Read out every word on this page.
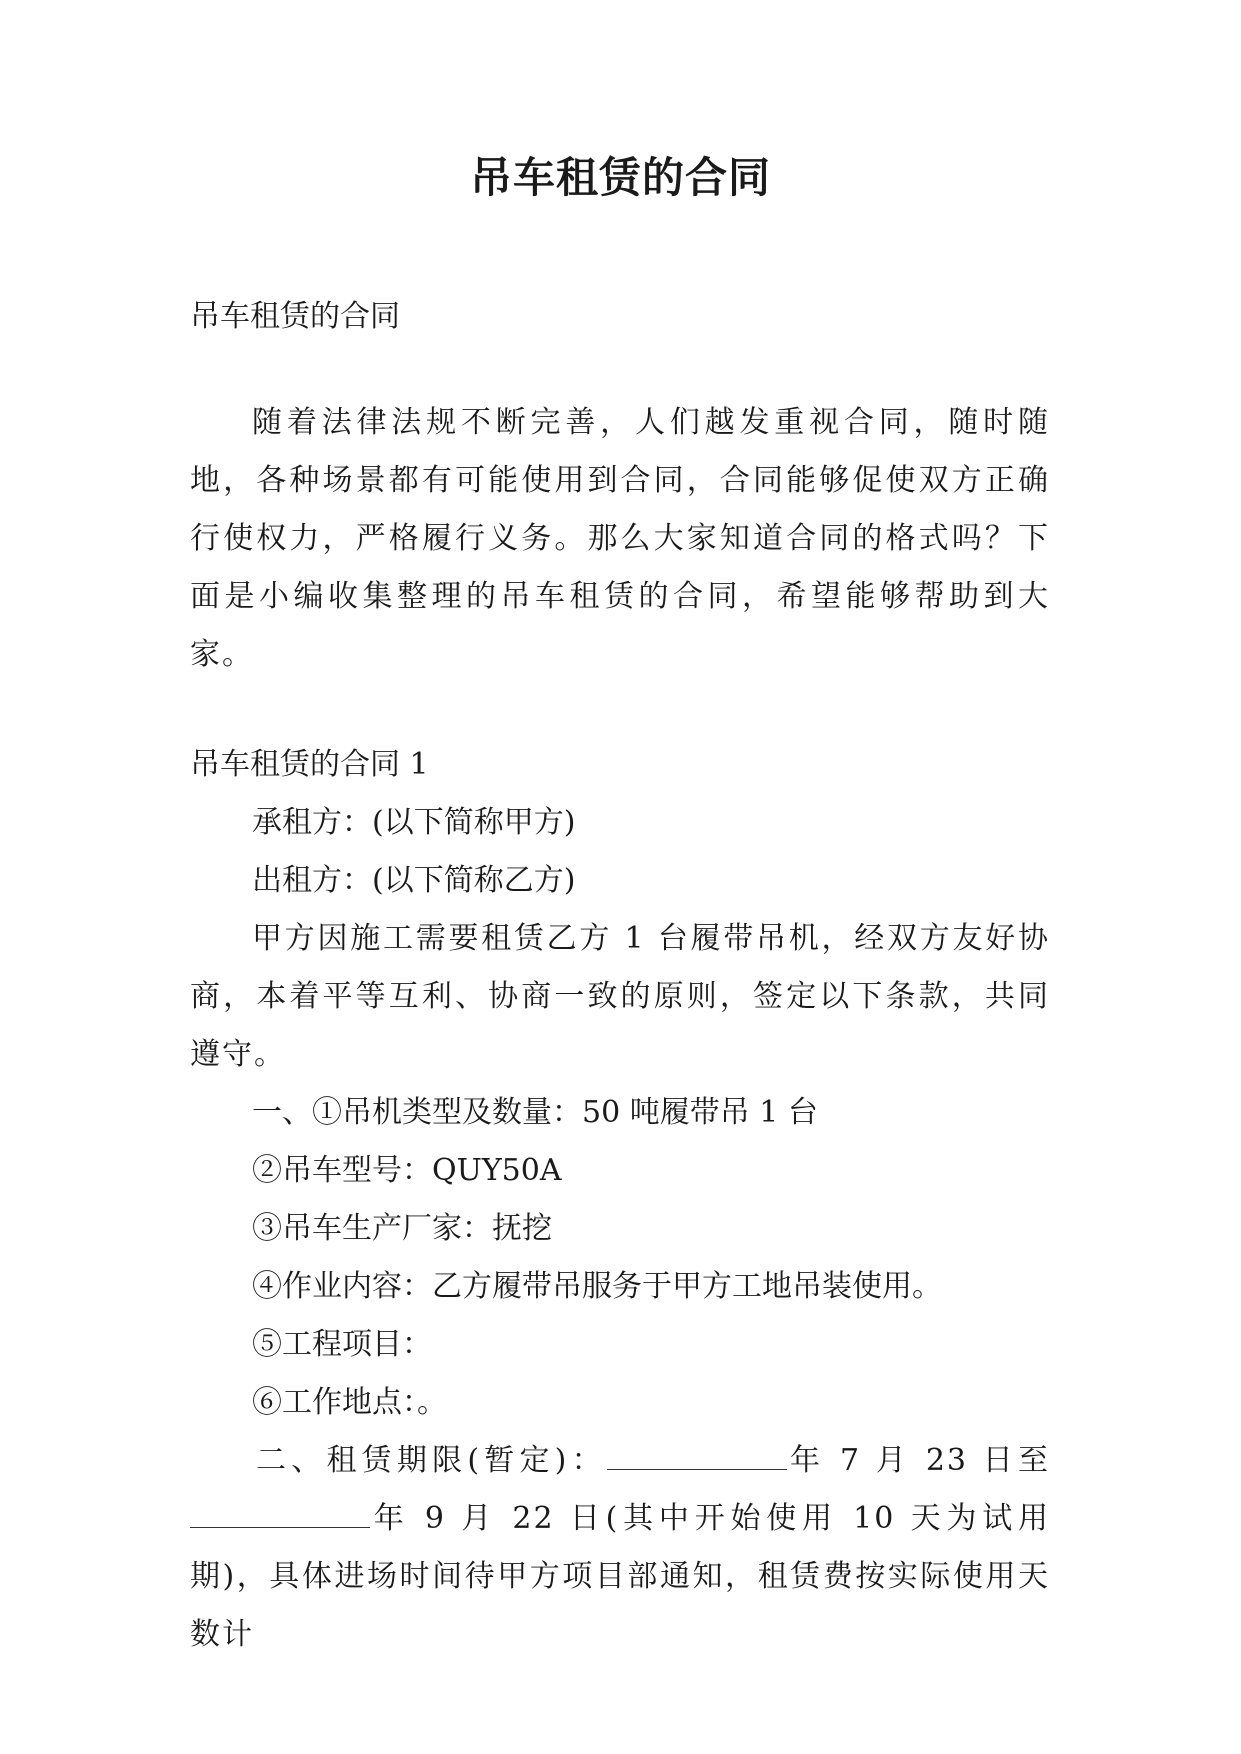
吊车租赁的合同

吊车租赁的合同

随着法律法规不断完善，人们越发重视合同，随时随地，各种场景都有可能使用到合同，合同能够促使双方正确行使权力，严格履行义务。那么大家知道合同的格式吗？下面是小编收集整理的吊车租赁的合同，希望能够帮助到大家。

吊车租赁的合同 1

承租方：(以下简称甲方)

出租方：(以下简称乙方)

甲方因施工需要租赁乙方 1 台履带吊机，经双方友好协商，本着平等互利、协商一致的原则，签定以下条款，共同遵守。

一、①吊机类型及数量：50 吨履带吊 1 台

②吊车型号：QUY50A

③吊车生产厂家：抚挖

④作业内容：乙方履带吊服务于甲方工地吊装使用。

⑤工程项目：

⑥工作地点：。

二、租赁期限(暂定)：	年 7 月 23 日至年 9 月 22 日(其中开始使用 10 天为试用期)，具体进场时间待甲方项目部通知，租赁费按实际使用天数计
